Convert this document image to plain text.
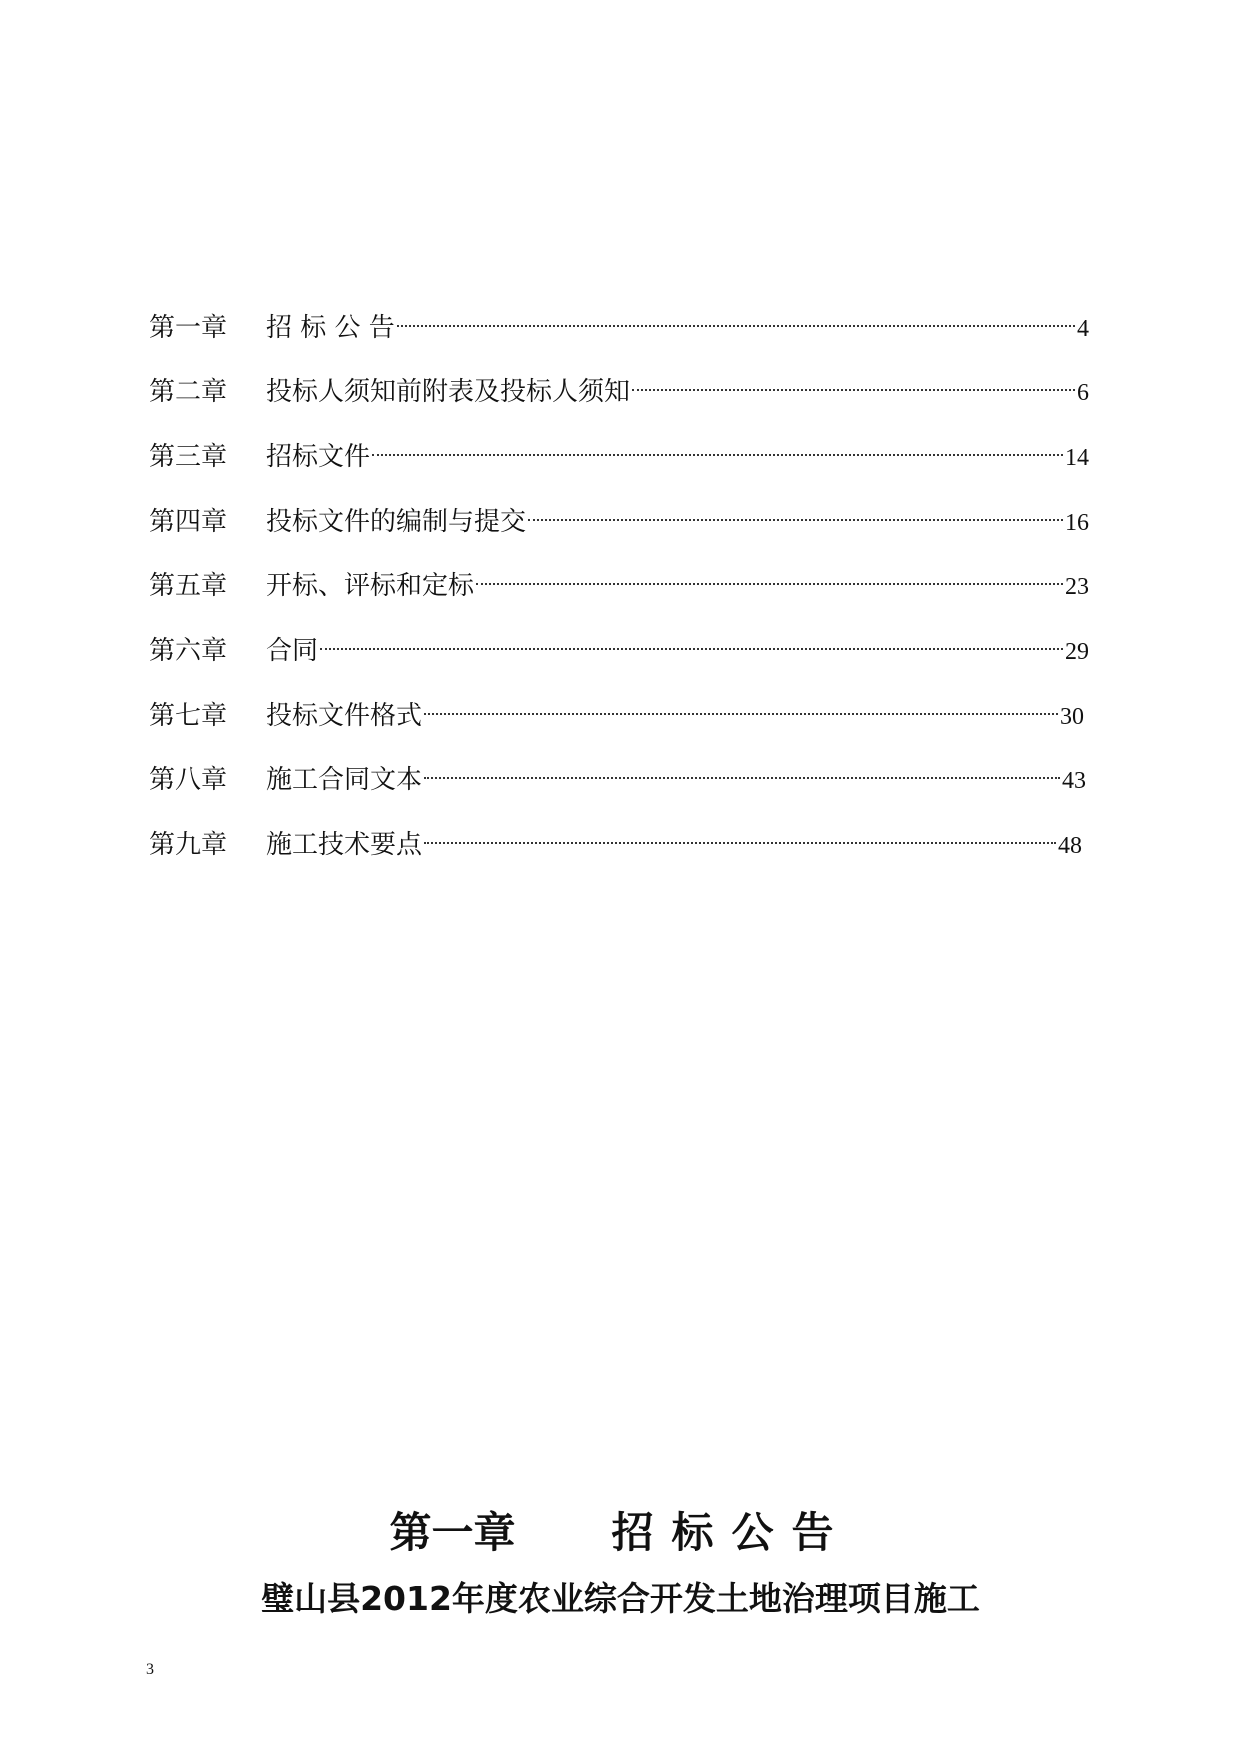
第一章	招 标 公 告	4
第二章	投标人须知前附表及投标人须知	6
第三章	招标文件	14
第四章	投标文件的编制与提交	16
第五章	开标、评标和定标	23
第六章	合同	29
第七章	投标文件格式	30
第八章	施工合同文本	43
第九章	施工技术要点	48
第一章 招标公告
璧山县2012年度农业综合开发土地治理项目施工
3
